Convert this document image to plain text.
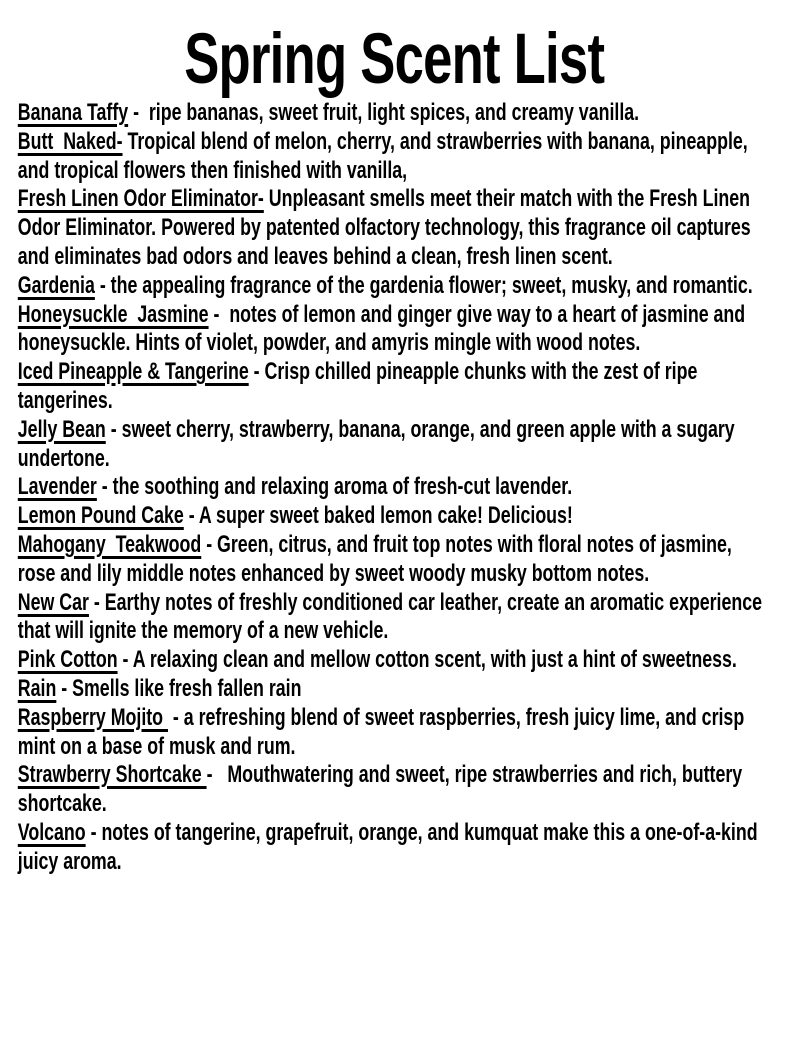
Spring Scent List

Banana Taffy -  ripe bananas, sweet fruit, light spices, and creamy vanilla.

Butt  Naked- Tropical blend of melon, cherry, and strawberries with banana, pineapple, and tropical flowers then finished with vanilla,

Fresh Linen Odor Eliminator- Unpleasant smells meet their match with the Fresh Linen Odor Eliminator. Powered by patented olfactory technology, this fragrance oil captures and eliminates bad odors and leaves behind a clean, fresh linen scent.

Gardenia - the appealing fragrance of the gardenia flower; sweet, musky, and romantic.

Honeysuckle  Jasmine -  notes of lemon and ginger give way to a heart of jasmine and honeysuckle. Hints of violet, powder, and amyris mingle with wood notes.

Iced Pineapple & Tangerine - Crisp chilled pineapple chunks with the zest of ripe tangerines.

Jelly Bean - sweet cherry, strawberry, banana, orange, and green apple with a sugary undertone.

Lavender - the soothing and relaxing aroma of fresh-cut lavender.

Lemon Pound Cake - A super sweet baked lemon cake! Delicious!

Mahogany  Teakwood - Green, citrus, and fruit top notes with floral notes of jasmine, rose and lily middle notes enhanced by sweet woody musky bottom notes.

New Car - Earthy notes of freshly conditioned car leather, create an aromatic experience that will ignite the memory of a new vehicle.

Pink Cotton - A relaxing clean and mellow cotton scent, with just a hint of sweetness.

Rain - Smells like fresh fallen rain

Raspberry Mojito  - a refreshing blend of sweet raspberries, fresh juicy lime, and crisp mint on a base of musk and rum.

Strawberry Shortcake -   Mouthwatering and sweet, ripe strawberries and rich, buttery shortcake.

Volcano - notes of tangerine, grapefruit, orange, and kumquat make this a one-of-a-kind juicy aroma.
